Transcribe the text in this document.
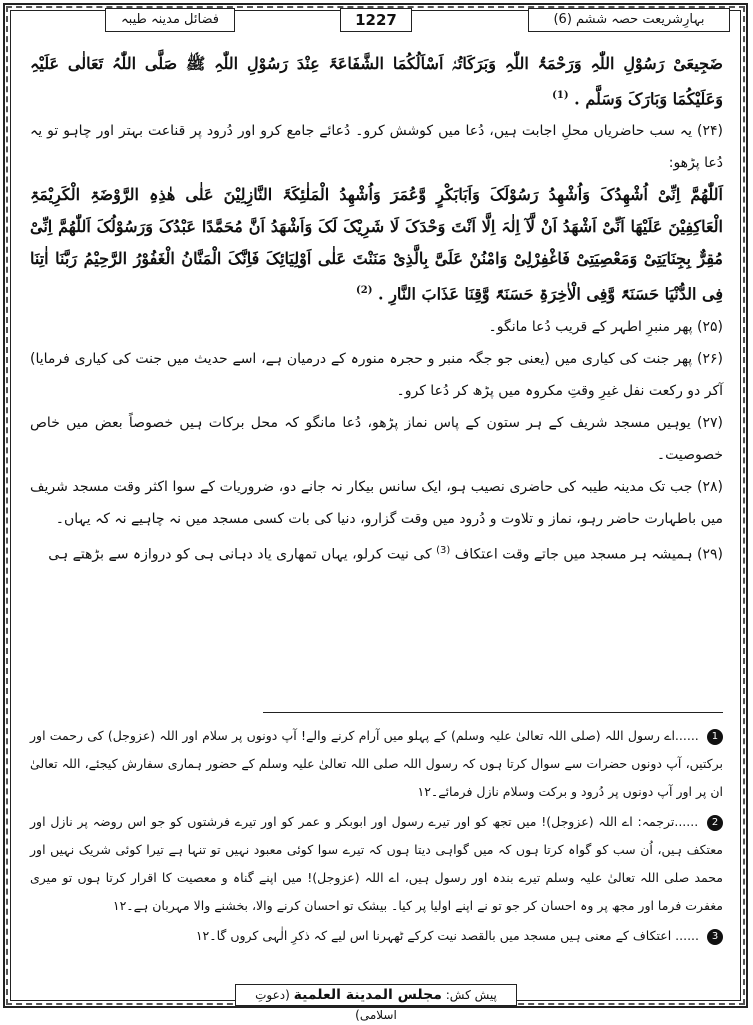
فضائل مدینہ طیبہ	1227	بہارِشریعت حصہ ششم (6)

ضَجِيعَیْ رَسُوْلِ اللّٰہِ وَرَحْمَۃُ اللّٰہِ وَبَرَکَاتُہٗ اَسْاَلُکُمَا الشَّفَاعَۃَ عِنْدَ رَسُوْلِ اللّٰہِ ﷺ صَلَّی اللّٰہُ تَعَالٰی عَلَیْہِ وَعَلَیْکُمَا وَبَارَکَ وَسَلَّم . $^{(1)}$

(۲۴) یہ سب حاضریاں محلِ اجابت ہیں، دُعا میں کوشش کرو۔ دُعائے جامع کرو اور دُرود پر قناعت بہتر اور چاہو تو یہ دُعا پڑھو:

اَللّٰھُمَّ اِنِّیْ اُشْھِدُکَ وَاُشْھِدُ رَسُوْلَکَ وَاَبَابَکْرٍ وَّعُمَرَ وَاُشْھِدُ الْمَلٰئِکَۃَ النَّازِلِیْنَ عَلٰی ھٰذِہِ الرَّوْضَۃِ الْکَرِیْمَۃِ الْعَاکِفِیْنَ عَلَیْھَا اَنِّیْ اَشْھَدُ اَنْ لَّآ اِلٰہَ اِلَّا اَنْتَ وَحْدَکَ لَا شَرِیْکَ لَکَ وَاَشْھَدُ اَنَّ مُحَمَّدًا عَبْدُکَ وَرَسُوْلُکَ اَللّٰھُمَّ اِنِّیْ مُقِرٌّ بِجِنَایَتِیْ وَمَعْصِیَتِیْ فَاغْفِرْلِیْ وَامْنُنْ عَلَیَّ بِالَّذِیْ مَنَنْتَ عَلٰی اَوْلِیَائِکَ فَاِنَّکَ الْمَنَّانُ الْغَفُوْرُ الرَّحِیْمُ رَبَّنَا اٰتِنَا فِی الدُّنْیَا حَسَنَۃً وَّفِی الْاٰخِرَۃِ حَسَنَۃً وَّقِنَا عَذَابَ النَّارِ . $^{(2)}$

(۲۵) پھر منبرِ اطہر کے قریب دُعا مانگو۔

(۲۶) پھر جنت کی کیاری میں (یعنی جو جگہ منبر و حجرہ منورہ کے درمیان ہے، اسے حدیث میں جنت کی کیاری فرمایا) آکر دو رکعت نفل غیرِ وقتِ مکروہ میں پڑھ کر دُعا کرو۔

(۲۷) یوہیں مسجد شریف کے ہر ستون کے پاس نماز پڑھو، دُعا مانگو کہ محل برکات ہیں خصوصاً بعض میں خاص خصوصیت۔

(۲۸) جب تک مدینہ طیبہ کی حاضری نصیب ہو، ایک سانس بیکار نہ جانے دو، ضروریات کے سوا اکثر وقت مسجد شریف میں باطہارت حاضر رہو، نماز و تلاوت و دُرود میں وقت گزارو، دنیا کی بات کسی مسجد میں نہ چاہیے نہ کہ یہاں۔

(۲۹) ہمیشہ ہر مسجد میں جاتے وقت اعتکاف $^{(3)}$ کی نیت کرلو، یہاں تمھاری یاد دہانی ہی کو دروازہ سے بڑھتے ہی

1 ......اے رسول اللہ (صلی اللہ تعالیٰ علیہ وسلم) کے پہلو میں آرام کرنے والے! آپ دونوں پر سلام اور اللہ (عزوجل) کی رحمت اور برکتیں، آپ دونوں حضرات سے سوال کرتا ہوں کہ رسول اللہ صلی اللہ تعالیٰ علیہ وسلم کے حضور ہماری سفارش کیجئے، اللہ تعالیٰ ان پر اور آپ دونوں پر دُرود و برکت وسلام نازل فرمائے۔۱۲

2 ......ترجمہ: اے اللہ (عزوجل)! میں تجھ کو اور تیرے رسول اور ابوبکر و عمر کو اور تیرے فرشتوں کو جو اس روضہ پر نازل اور معتکف ہیں، اُن سب کو گواہ کرتا ہوں کہ میں گواہی دیتا ہوں کہ تیرے سوا کوئی معبود نہیں تو تنہا ہے تیرا کوئی شریک نہیں اور محمد صلی اللہ تعالیٰ علیہ وسلم تیرے بندہ اور رسول ہیں، اے اللہ (عزوجل)! میں اپنے گناہ و معصیت کا اقرار کرتا ہوں تو میری مغفرت فرما اور مجھ پر وہ احسان کر جو تو نے اپنے اولیا پر کیا۔ بیشک تو احسان کرنے والا، بخشنے والا مہربان ہے۔۱۲

3 ...... اعتکاف کے معنی ہیں مسجد میں بالقصد نیت کرکے ٹھہرنا اس لیے کہ ذکرِ الٰہی کروں گا۔۱۲

پیش کش: مجلس المدينة العلمية (دعوتِ اسلامی)
